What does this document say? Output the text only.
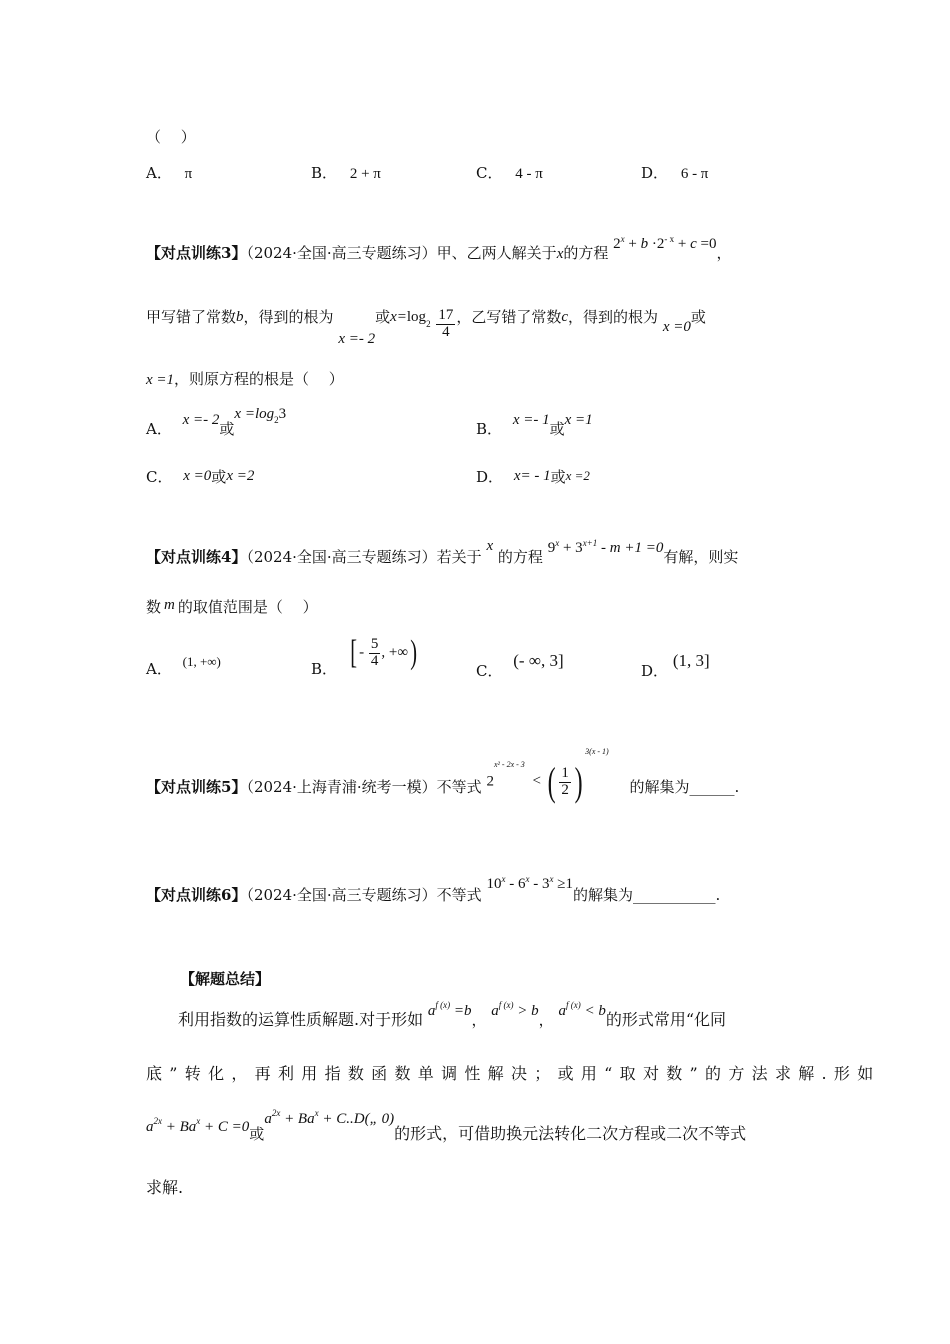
（　 ）
A． π	B． 2 + π	C． 4 - π	D． 6 - π
【对点训练3】（2024·全国·高三专题练习）甲、乙两人解关于x的方程 $2^x + b \cdot 2^{- x} + c =0$，
甲写错了常数b，得到的根为 x =- 2或$x=\log_2 \frac{17}{4}$ ，乙写错了常数c，得到的根为 x =0或
x =1，则原方程的根是（　 ）
A． x =- 2或$x =\log_23$
B． x =- 1或x =1
C． x =0或x =2	D． x= - 1或x =2
【对点训练4】（2024·全国·高三专题练习）若关于 x 的方程 $9^x + 3^{x+1} - m +1 =0$有解，则实
数 m 的取值范围是（　 ）
A． (1, +∞)	B． [ - $\frac{5}{4}$ , +∞)	C． (- ∞, 3]
D． (1, 3]
【对点训练5】（2024·上海青浦·统考一模）不等式 $2^{x^2 - 2x - 3}$ < ( $\frac{1}{2} )^{3(x - 1)}$ 的解集为______.
【对点训练6】（2024·全国·高三专题练习）不等式 $10^x - 6^x - 3^x \ge 1$的解集为___________.
【解题总结】
利用指数的运算性质解题.对于形如 $a^{f (x)} =b$， $a^{f (x)} > b$， $a^{f (x)} < b$的形式常用“化同
底”转化，再利用指数函数单调性解决；或用“取对数”的方法求解.形如
$a^{2x} + Ba^x + C =0$或$a^{2x} + Ba^x$ + C..D(„ 0)的形式，可借助换元法转化二次方程或二次不等式
求解.
